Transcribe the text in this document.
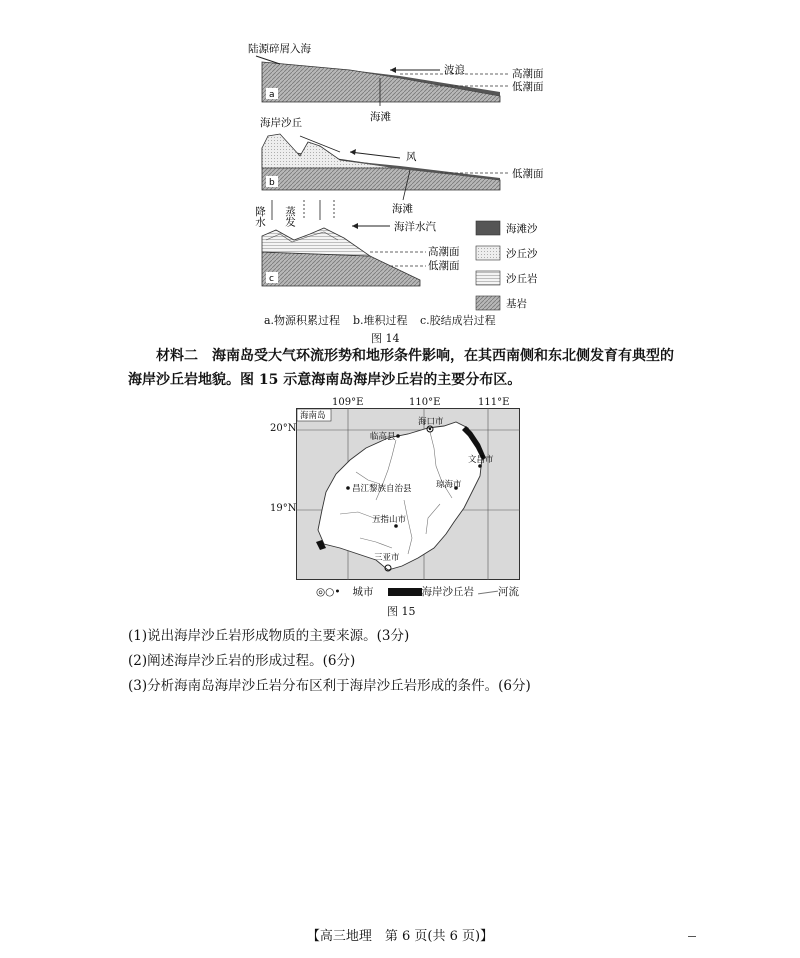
a
陆源碎屑入海
波浪	高潮面
低潮面
海滩
b
海岸沙丘
风
低潮面
海滩
降水 蒸发
c
海洋水汽
高潮面
低潮面
海滩沙
沙丘沙
沙丘岩
基岩
a.物源积累过程 b.堆积过程 c.胶结成岩过程
图 14
材料二 海南岛受大气环流形势和地形条件影响，在其西南侧和东北侧发育有典型的
海岸沙丘岩地貌。图 15 示意海南岛海岸沙丘岩的主要分布区。
109°E	110°E	111°E
20°N
19°N
海南岛
海口市
临高县
文昌市
昌江黎族自治县	琼海市
五指山市
三亚市
◎○• 城市	海岸沙丘岩 河流
图 15
(1)说出海岸沙丘岩形成物质的主要来源。(3分)
(2)阐述海岸沙丘岩的形成过程。(6分)
(3)分析海南岛海岸沙丘岩分布区利于海岸沙丘岩形成的条件。(6分)
【高三地理　第 6 页(共 6 页)】
